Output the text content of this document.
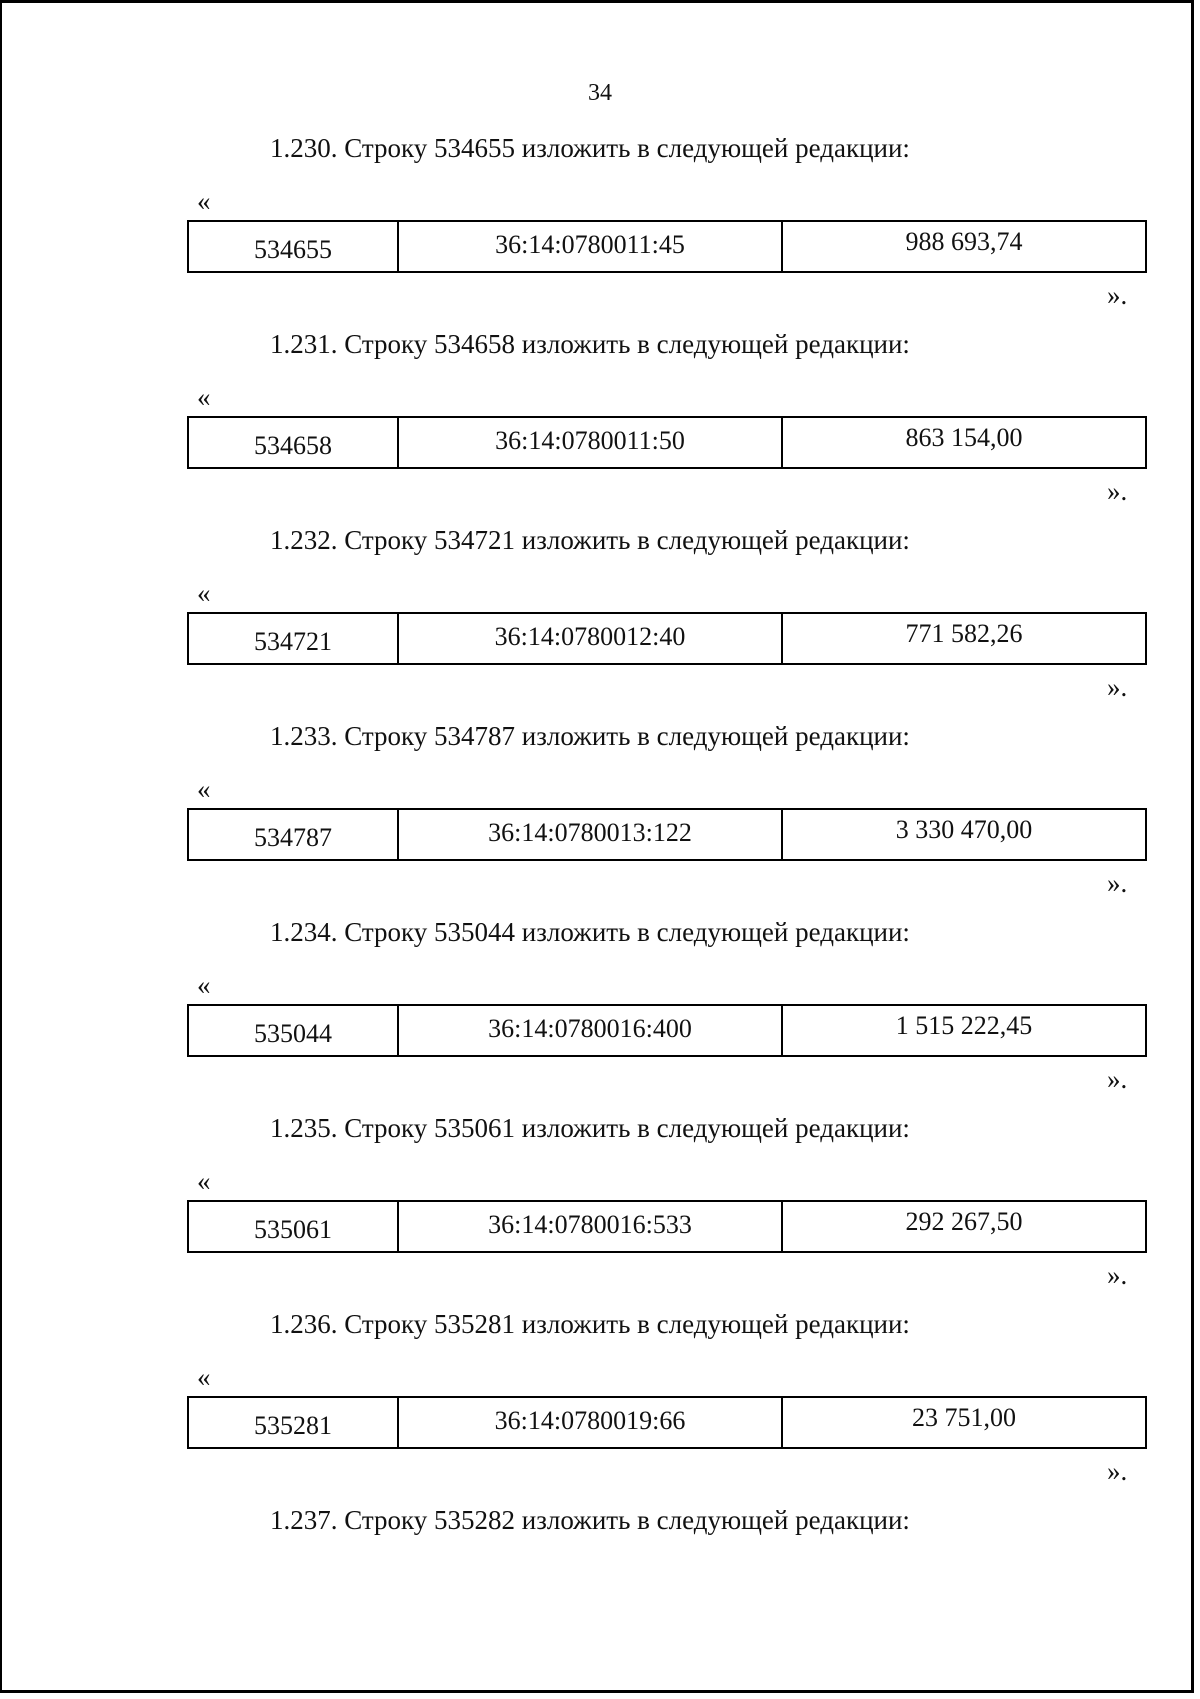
34
1.230. Строку 534655 изложить в следующей редакции:
«
534655	36:14:0780011:45	988 693,74
».
1.231. Строку 534658 изложить в следующей редакции:
«
534658	36:14:0780011:50	863 154,00
».
1.232. Строку 534721 изложить в следующей редакции:
«
534721	36:14:0780012:40	771 582,26
».
1.233. Строку 534787 изложить в следующей редакции:
«
534787	36:14:0780013:122	3 330 470,00
».
1.234. Строку 535044 изложить в следующей редакции:
«
535044	36:14:0780016:400	1 515 222,45
».
1.235. Строку 535061 изложить в следующей редакции:
«
535061	36:14:0780016:533	292 267,50
».
1.236. Строку 535281 изложить в следующей редакции:
«
535281	36:14:0780019:66	23 751,00
».
1.237. Строку 535282 изложить в следующей редакции:
